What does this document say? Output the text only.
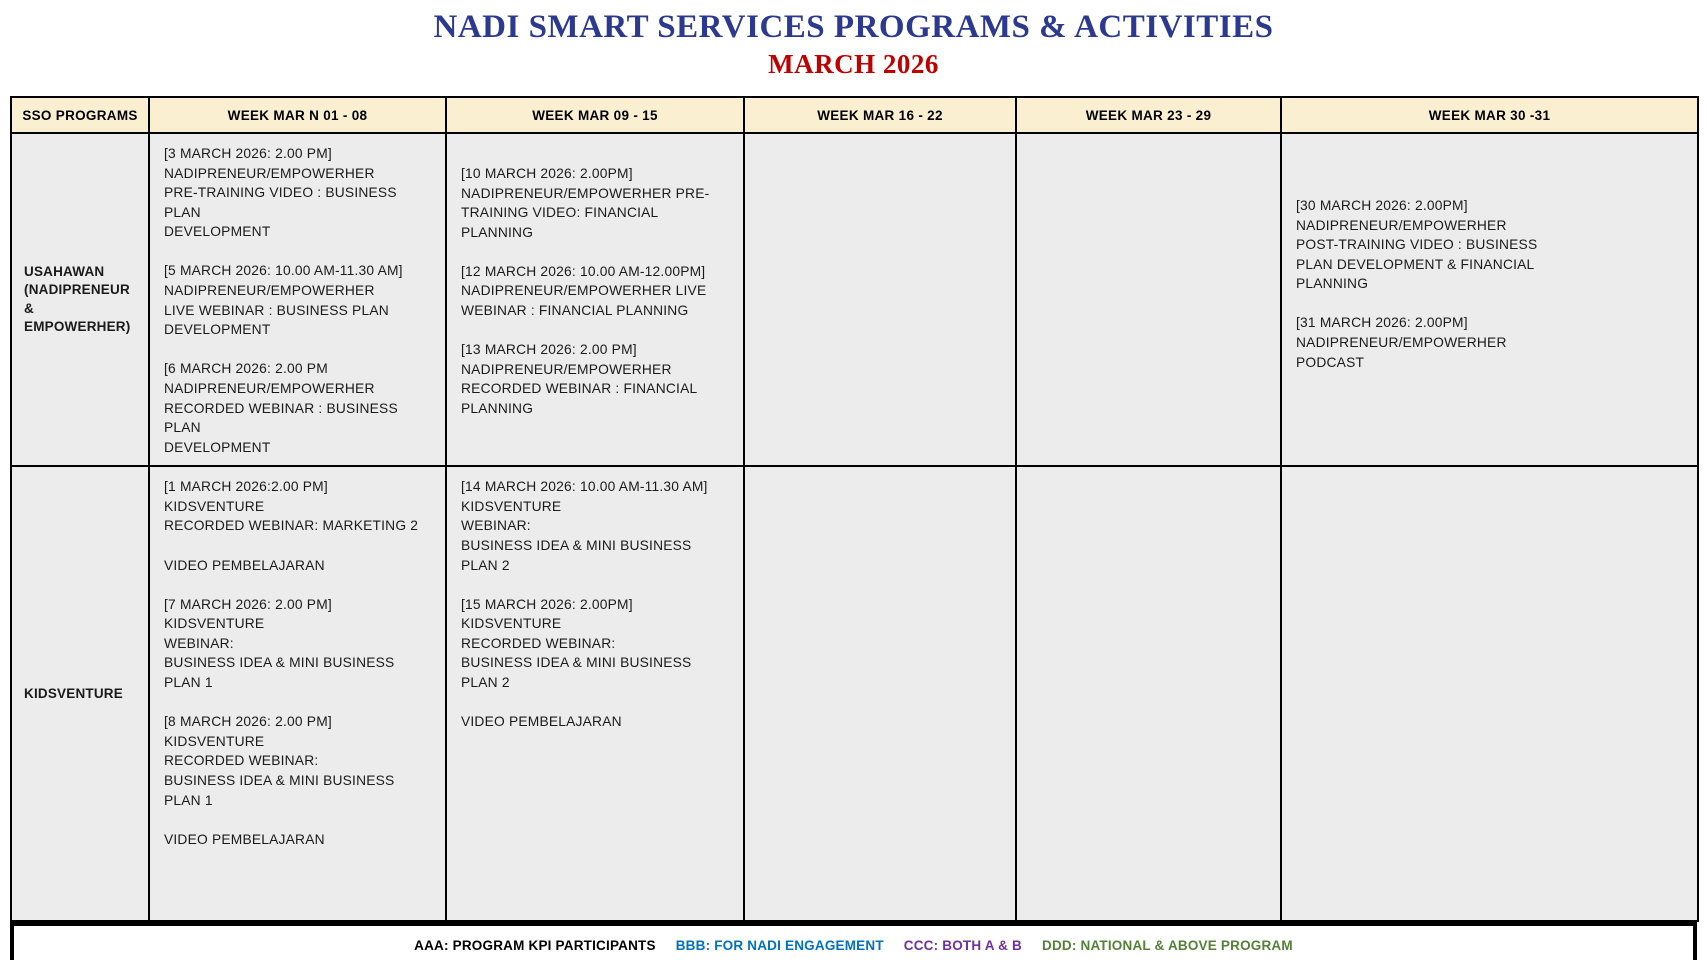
NADI SMART SERVICES PROGRAMS & ACTIVITIES
MARCH 2026
SSO PROGRAMS	WEEK MAR N 01 - 08	WEEK MAR 09 - 15	WEEK MAR 16 - 22	WEEK MAR 23 - 29	WEEK MAR 30 -31
USAHAWAN
(NADIPRENEUR &
EMPOWERHER)	[3 MARCH 2026: 2.00 PM]
NADIPRENEUR/EMPOWERHER
PRE-TRAINING VIDEO : BUSINESS PLAN
DEVELOPMENT

[5 MARCH 2026: 10.00 AM-11.30 AM]
NADIPRENEUR/EMPOWERHER
LIVE WEBINAR : BUSINESS PLAN
DEVELOPMENT

[6 MARCH 2026: 2.00 PM
NADIPRENEUR/EMPOWERHER
RECORDED WEBINAR : BUSINESS PLAN
DEVELOPMENT	[10 MARCH 2026: 2.00PM]
NADIPRENEUR/EMPOWERHER PRE-
TRAINING VIDEO: FINANCIAL PLANNING

[12 MARCH 2026: 10.00 AM-12.00PM]
NADIPRENEUR/EMPOWERHER LIVE
WEBINAR : FINANCIAL PLANNING

[13 MARCH 2026: 2.00 PM]
NADIPRENEUR/EMPOWERHER
RECORDED WEBINAR : FINANCIAL
PLANNING			[30 MARCH 2026: 2.00PM]
NADIPRENEUR/EMPOWERHER
POST-TRAINING VIDEO : BUSINESS
PLAN DEVELOPMENT & FINANCIAL
PLANNING

[31 MARCH 2026: 2.00PM]
NADIPRENEUR/EMPOWERHER
PODCAST
KIDSVENTURE	[1 MARCH 2026:2.00 PM]
KIDSVENTURE
RECORDED WEBINAR: MARKETING 2

VIDEO PEMBELAJARAN

[7 MARCH 2026: 2.00 PM]
KIDSVENTURE
WEBINAR:
BUSINESS IDEA & MINI BUSINESS PLAN 1

[8 MARCH 2026: 2.00 PM]
KIDSVENTURE
RECORDED WEBINAR:
BUSINESS IDEA & MINI BUSINESS PLAN 1

VIDEO PEMBELAJARAN	[14 MARCH 2026: 10.00 AM-11.30 AM]
KIDSVENTURE
WEBINAR:
BUSINESS IDEA & MINI BUSINESS PLAN 2

[15 MARCH 2026: 2.00PM]
KIDSVENTURE
RECORDED WEBINAR:
BUSINESS IDEA & MINI BUSINESS PLAN 2

VIDEO PEMBELAJARAN			
AAA: PROGRAM KPI PARTICIPANTS BBB: FOR NADI ENGAGEMENT CCC: BOTH A & B DDD: NATIONAL & ABOVE PROGRAM
